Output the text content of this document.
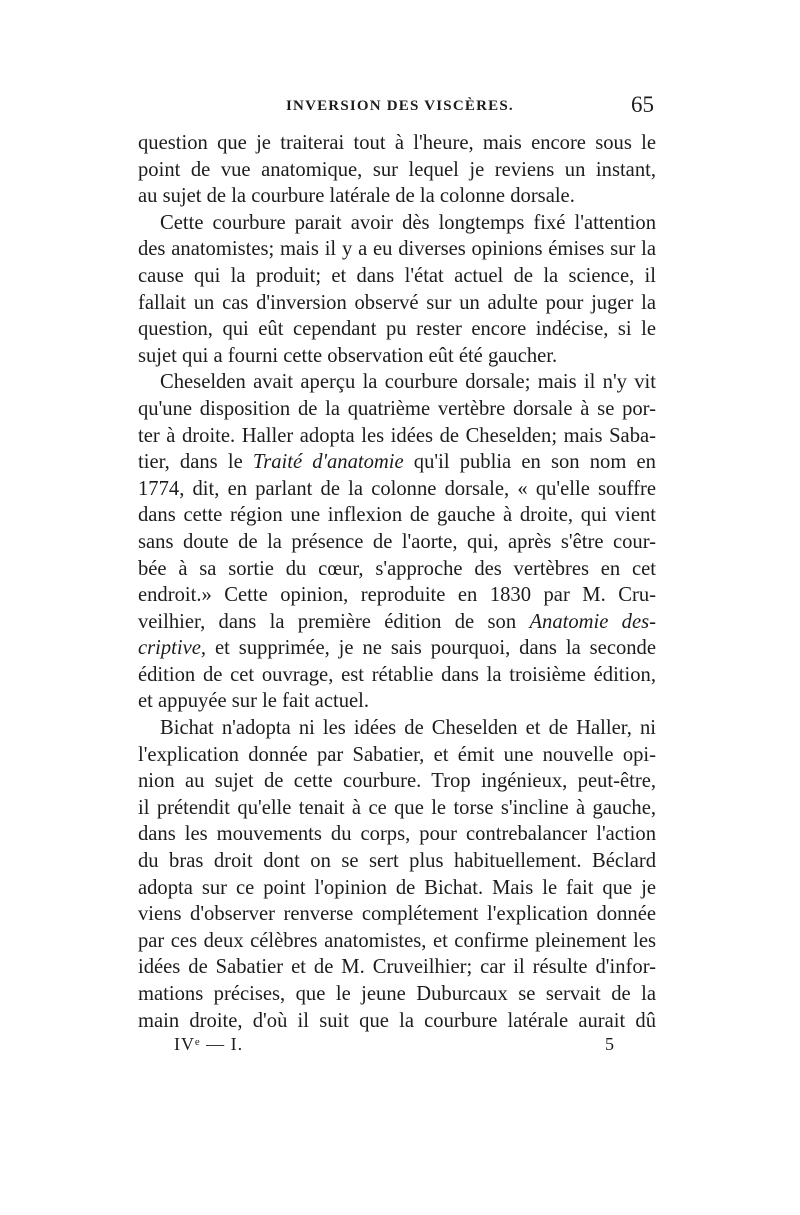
INVERSION DES VISCÈRES.	65
question que je traiterai tout à l'heure, mais encore sous le
point de vue anatomique, sur lequel je reviens un instant,
au sujet de la courbure latérale de la colonne dorsale.
Cette courbure parait avoir dès longtemps fixé l'attention
des anatomistes; mais il y a eu diverses opinions émises sur la
cause qui la produit; et dans l'état actuel de la science, il
fallait un cas d'inversion observé sur un adulte pour juger la
question, qui eût cependant pu rester encore indécise, si le
sujet qui a fourni cette observation eût été gaucher.
Cheselden avait aperçu la courbure dorsale; mais il n'y vit
qu'une disposition de la quatrième vertèbre dorsale à se por-
ter à droite. Haller adopta les idées de Cheselden; mais Saba-
tier, dans le Traité d'anatomie qu'il publia en son nom en
1774, dit, en parlant de la colonne dorsale, « qu'elle souffre
dans cette région une inflexion de gauche à droite, qui vient
sans doute de la présence de l'aorte, qui, après s'être cour-
bée à sa sortie du cœur, s'approche des vertèbres en cet
endroit.» Cette opinion, reproduite en 1830 par M. Cru-
veilhier, dans la première édition de son Anatomie des-
criptive, et supprimée, je ne sais pourquoi, dans la seconde
édition de cet ouvrage, est rétablie dans la troisième édition,
et appuyée sur le fait actuel.
Bichat n'adopta ni les idées de Cheselden et de Haller, ni
l'explication donnée par Sabatier, et émit une nouvelle opi-
nion au sujet de cette courbure. Trop ingénieux, peut-être,
il prétendit qu'elle tenait à ce que le torse s'incline à gauche,
dans les mouvements du corps, pour contrebalancer l'action
du bras droit dont on se sert plus habituellement. Béclard
adopta sur ce point l'opinion de Bichat. Mais le fait que je
viens d'observer renverse complétement l'explication donnée
par ces deux célèbres anatomistes, et confirme pleinement les
idées de Sabatier et de M. Cruveilhier; car il résulte d'infor-
mations précises, que le jeune Duburcaux se servait de la
main droite, d'où il suit que la courbure latérale aurait dû
IVᵉ — I.	5
